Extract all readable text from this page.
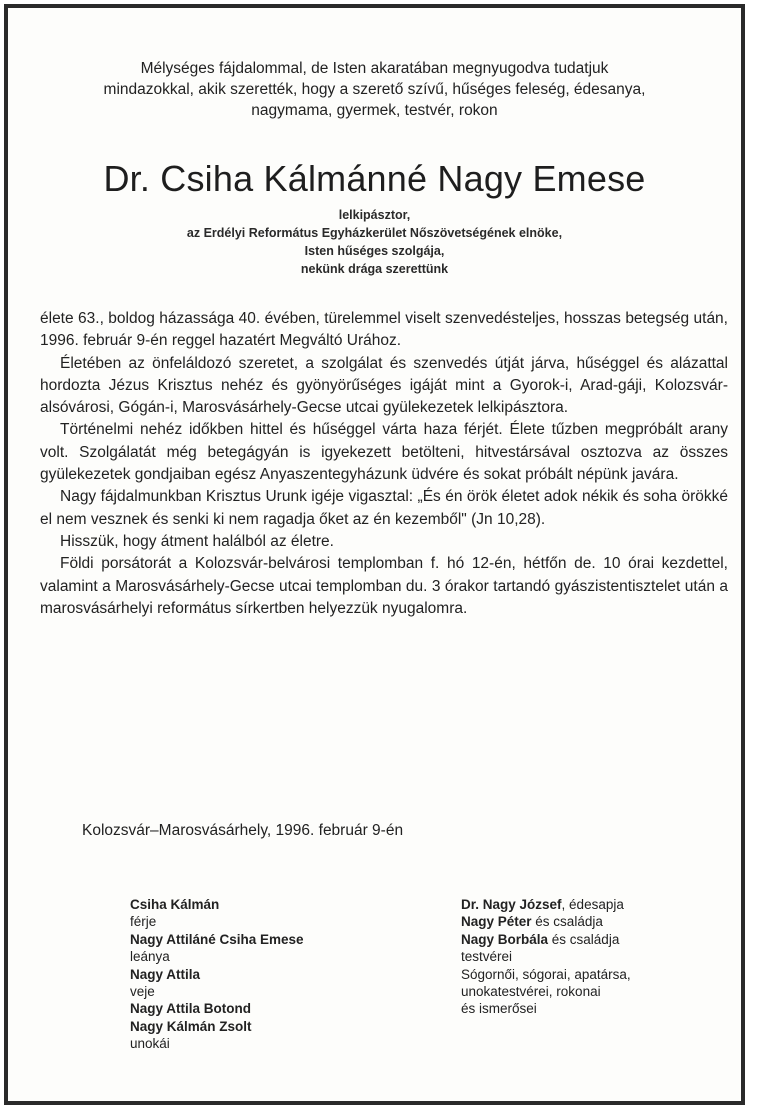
Mélységes fájdalommal, de Isten akaratában megnyugodva tudatjuk
mindazokkal, akik szerették, hogy a szerető szívű, hűséges feleség, édesanya,
nagymama, gyermek, testvér, rokon
Dr. Csiha Kálmánné Nagy Emese
lelkipásztor,
az Erdélyi Református Egyházkerület Nőszövetségének elnöke,
Isten hűséges szolgája,
nekünk drága szerettünk

élete 63., boldog házassága 40. évében, türelemmel viselt szenvedésteljes, hosszas betegség után, 1996. február 9-én reggel hazatért Megváltó Urához.

Életében az önfeláldozó szeretet, a szolgálat és szenvedés útját járva, hűséggel és alázattal hordozta Jézus Krisztus nehéz és gyönyörűséges igáját mint a Gyorok-i, Arad-gáji, Kolozsvár-alsóvárosi, Gógán-i, Marosvásárhely-Gecse utcai gyülekezetek lelkipásztora.

Történelmi nehéz időkben hittel és hűséggel várta haza férjét. Élete tűzben megpróbált arany volt. Szolgálatát még betegágyán is igyekezett betölteni, hitvestársával osztozva az összes gyülekezetek gondjaiban egész Anyaszentegyházunk üdvére és sokat próbált népünk javára.

Nagy fájdalmunkban Krisztus Urunk igéje vigasztal: „És én örök életet adok nékik és soha örökké el nem vesznek és senki ki nem ragadja őket az én kezemből" (Jn 10,28).

Hisszük, hogy átment halálból az életre.

Földi porsátorát a Kolozsvár-belvárosi templomban f. hó 12-én, hétfőn de. 10 órai kezdettel, valamint a Marosvásárhely-Gecse utcai templomban du. 3 órakor tartandó gyászistentisztelet után a marosvásárhelyi református sírkertben helyezzük nyugalomra.

Kolozsvár–Marosvásárhely, 1996. február 9-én
Csiha Kálmán
férje
Nagy Attiláné Csiha Emese
leánya
Nagy Attila
veje
Nagy Attila Botond
Nagy Kálmán Zsolt
unokái
Dr. Nagy József, édesapja
Nagy Péter és családja
Nagy Borbála és családja
testvérei
Sógornői, sógorai, apatársa,
unokatestvérei, rokonai
és ismerősei
